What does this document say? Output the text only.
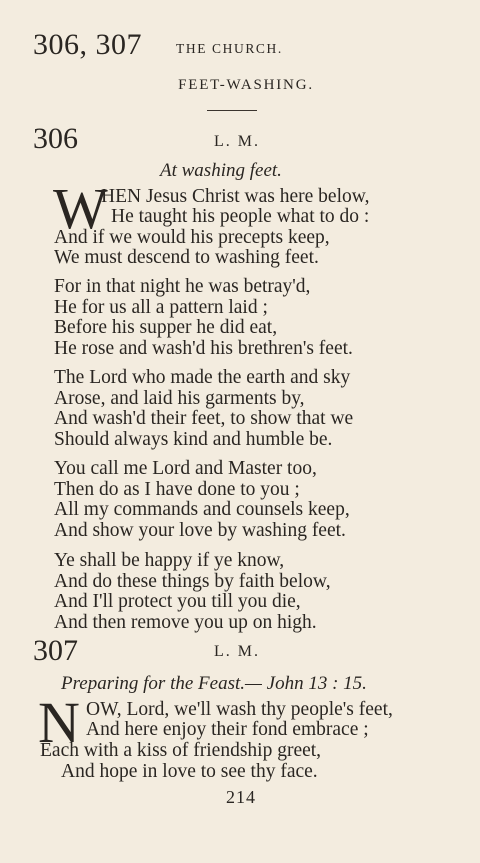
306, 307	THE CHURCH.
FEET-WASHING.
306	L. M.
At washing feet.
W
HEN Jesus Christ was here below,
He taught his people what to do :
And if we would his precepts keep,
We must descend to washing feet.
For in that night he was betray'd,
He for us all a pattern laid ;
Before his supper he did eat,
He rose and wash'd his brethren's feet.
The Lord who made the earth and sky
Arose, and laid his garments by,
And wash'd their feet, to show that we
Should always kind and humble be.
You call me Lord and Master too,
Then do as I have done to you ;
All my commands and counsels keep,
And show your love by washing feet.
Ye shall be happy if ye know,
And do these things by faith below,
And I'll protect you till you die,
And then remove you up on high.
307	L. M.
Preparing for the Feast.— John 13 : 15.
N OW, Lord, we'll wash thy people's feet,
And here enjoy their fond embrace ;
Each with a kiss of friendship greet,
And hope in love to see thy face.
214
